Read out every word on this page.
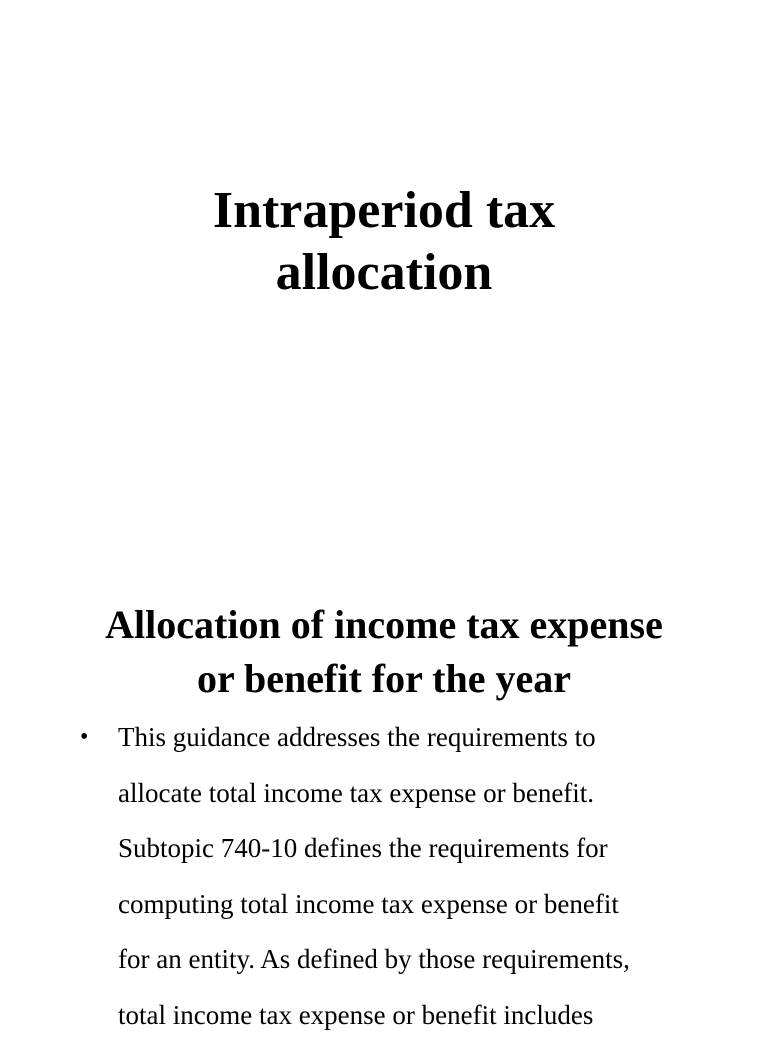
Intraperiod tax
allocation
Allocation of income tax expense
or benefit for the year
• This guidance addresses the requirements to
allocate total income tax expense or benefit.
Subtopic 740-10 defines the requirements for
computing total income tax expense or benefit
for an entity. As defined by those requirements,
total income tax expense or benefit includes
